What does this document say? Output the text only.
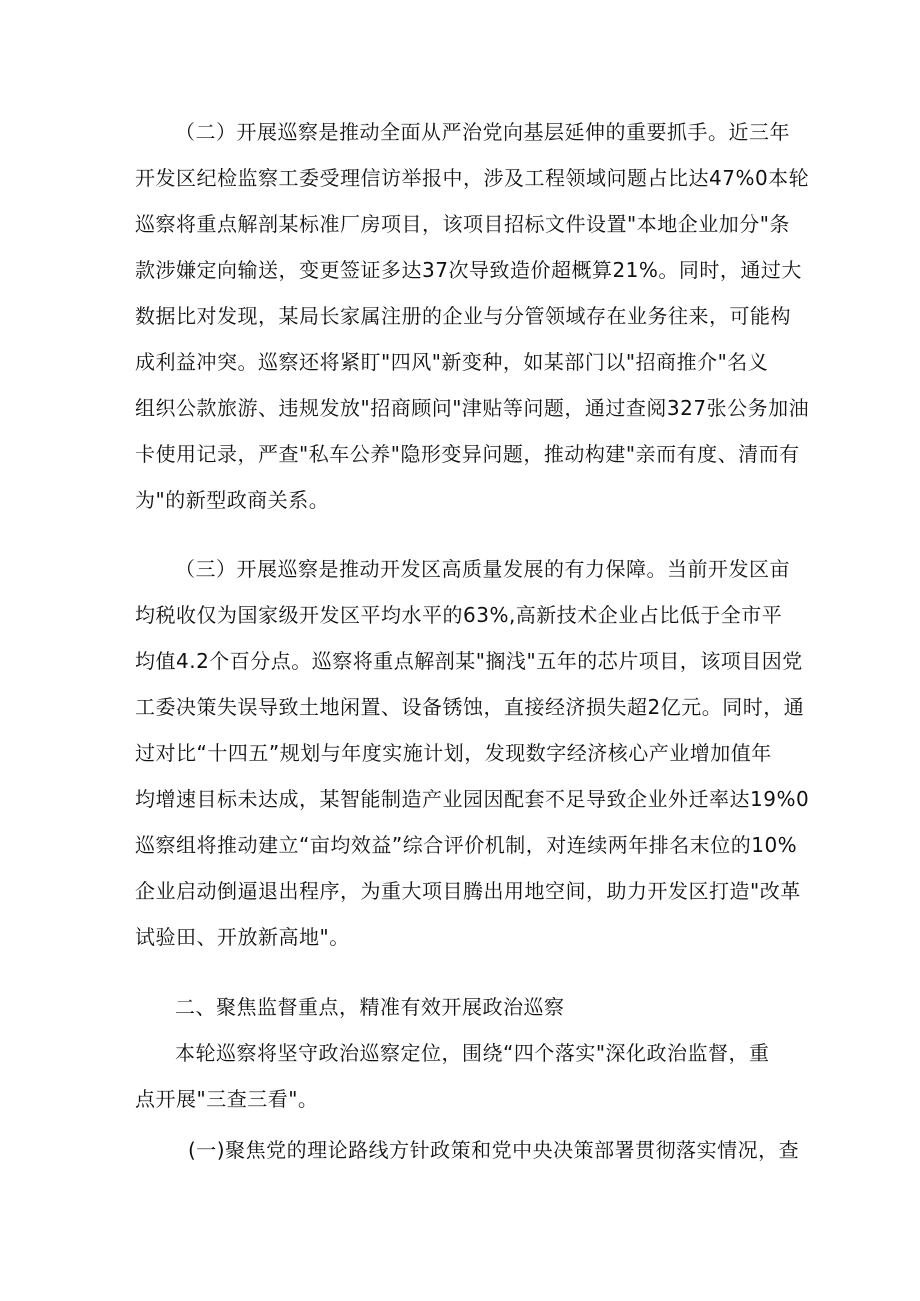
（二）开展巡察是推动全面从严治党向基层延伸的重要抓手。近三年
开发区纪检监察工委受理信访举报中，涉及工程领域问题占比达47%0本轮
巡察将重点解剖某标准厂房项目，该项目招标文件设置"本地企业加分"条
款涉嫌定向输送，变更签证多达37次导致造价超概算21%。同时，通过大
数据比对发现，某局长家属注册的企业与分管领域存在业务往来，可能构
成利益冲突。巡察还将紧盯"四风"新变种，如某部门以"招商推介"名义
组织公款旅游、违规发放"招商顾问"津贴等问题，通过查阅327张公务加油
卡使用记录，严查"私车公养"隐形变异问题，推动构建"亲而有度、清而有
为"的新型政商关系。
（三）开展巡察是推动开发区高质量发展的有力保障。当前开发区亩
均税收仅为国家级开发区平均水平的63%,高新技术企业占比低于全市平
均值4.2个百分点。巡察将重点解剖某"搁浅"五年的芯片项目，该项目因党
工委决策失误导致土地闲置、设备锈蚀，直接经济损失超2亿元。同时，通
过对比“十四五”规划与年度实施计划，发现数字经济核心产业增加值年
均增速目标未达成，某智能制造产业园因配套不足导致企业外迁率达19%0
巡察组将推动建立“亩均效益”综合评价机制，对连续两年排名末位的10%
企业启动倒逼退出程序，为重大项目腾出用地空间，助力开发区打造"改革
试验田、开放新高地"。
二、聚焦监督重点，精准有效开展政治巡察
本轮巡察将坚守政治巡察定位，围绕“四个落实"深化政治监督，重
点开展"三查三看"。
(一)聚焦党的理论路线方针政策和党中央决策部署贯彻落实情况，查
